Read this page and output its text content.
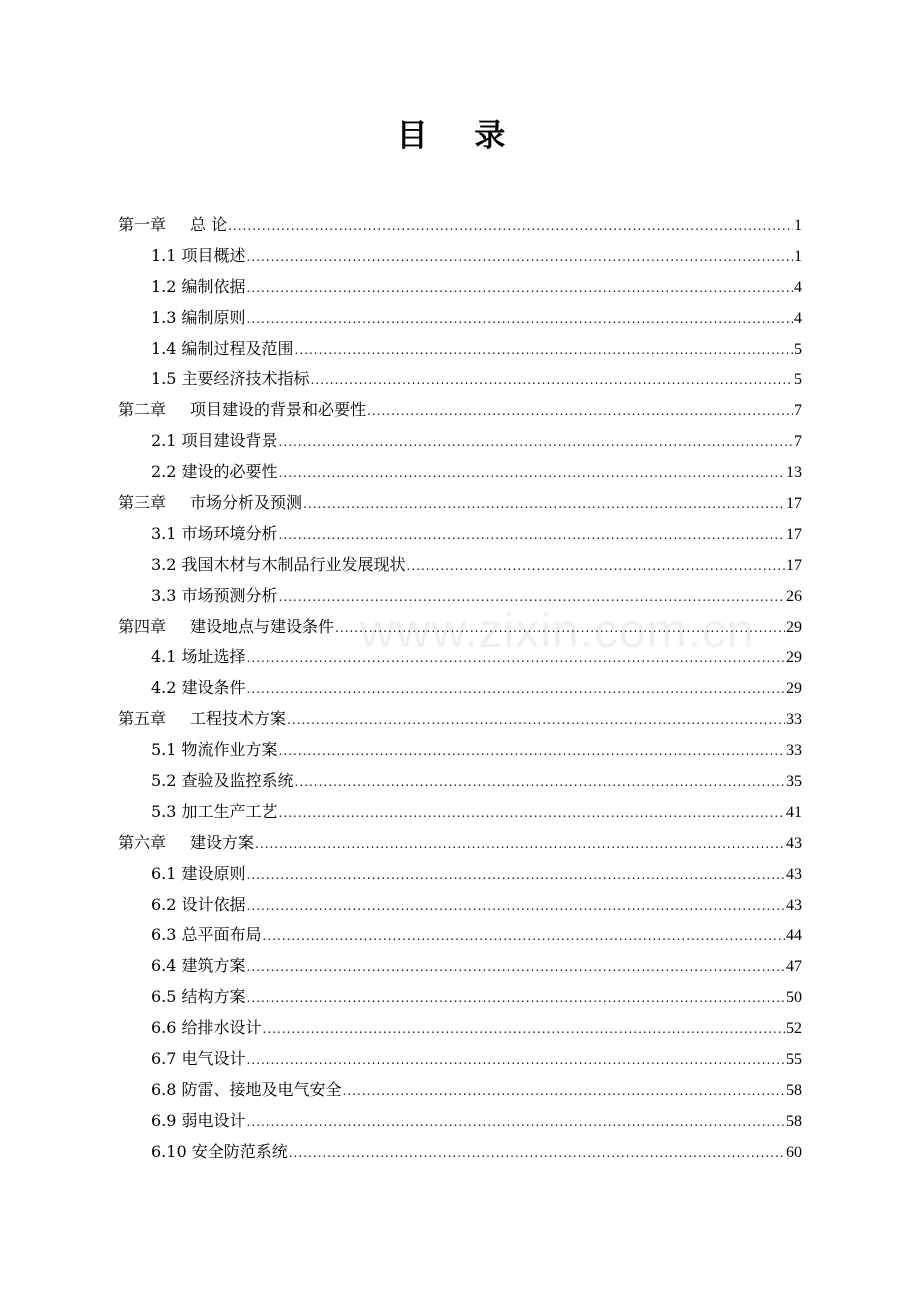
目 录
第一章 总 论 .....	1
1.1 项目概述 .....	1
1.2 编制依据 .....	4
1.3 编制原则 .....	4
1.4 编制过程及范围 .....	5
1.5 主要经济技术指标 .....	5
第二章 项目建设的背景和必要性 .....	7
2.1 项目建设背景 .....	7
2.2 建设的必要性 .....	13
第三章 市场分析及预测 .....	17
3.1 市场环境分析 .....	17
3.2 我国木材与木制品行业发展现状 .....	17
3.3 市场预测分析 .....	26
第四章 建设地点与建设条件 .....	29
4.1 场址选择 .....	29
4.2 建设条件 .....	29
第五章 工程技术方案 .....	33
5.1 物流作业方案 .....	33
5.2 查验及监控系统 .....	35
5.3 加工生产工艺 .....	41
第六章 建设方案 .....	43
6.1 建设原则 .....	43
6.2 设计依据 .....	43
6.3 总平面布局 .....	44
6.4 建筑方案 .....	47
6.5 结构方案 .....	50
6.6 给排水设计 .....	52
6.7 电气设计 .....	55
6.8 防雷、接地及电气安全 .....	58
6.9 弱电设计 .....	58
6.10 安全防范系统 .....	60
www.zixin.com.cn
